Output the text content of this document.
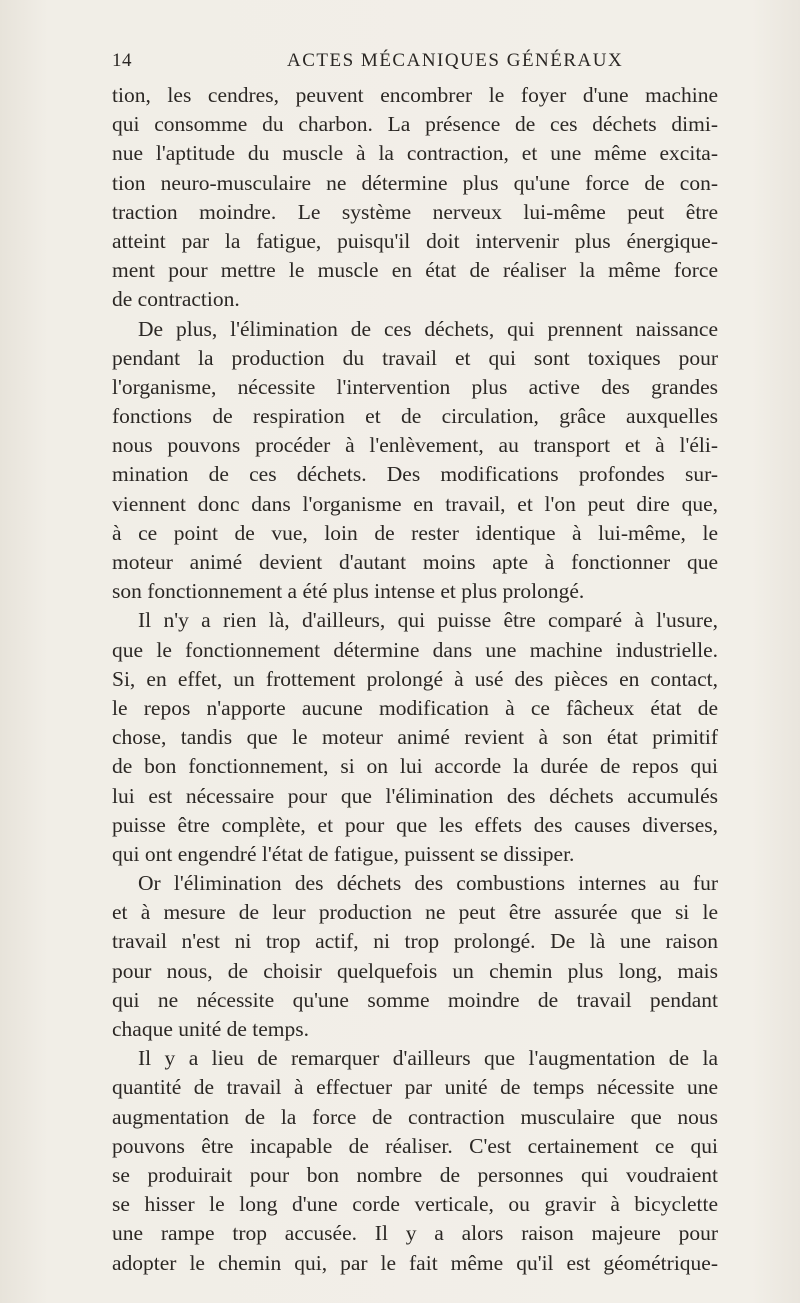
14	ACTES MÉCANIQUES GÉNÉRAUX
tion, les cendres, peuvent encombrer le foyer d'une machine
qui consomme du charbon. La présence de ces déchets dimi-
nue l'aptitude du muscle à la contraction, et une même excita-
tion neuro-musculaire ne détermine plus qu'une force de con-
traction moindre. Le système nerveux lui-même peut être
atteint par la fatigue, puisqu'il doit intervenir plus énergique-
ment pour mettre le muscle en état de réaliser la même force
de contraction.
De plus, l'élimination de ces déchets, qui prennent naissance
pendant la production du travail et qui sont toxiques pour
l'organisme, nécessite l'intervention plus active des grandes
fonctions de respiration et de circulation, grâce auxquelles
nous pouvons procéder à l'enlèvement, au transport et à l'éli-
mination de ces déchets. Des modifications profondes sur-
viennent donc dans l'organisme en travail, et l'on peut dire que,
à ce point de vue, loin de rester identique à lui-même, le
moteur animé devient d'autant moins apte à fonctionner que
son fonctionnement a été plus intense et plus prolongé.
Il n'y a rien là, d'ailleurs, qui puisse être comparé à l'usure,
que le fonctionnement détermine dans une machine industrielle.
Si, en effet, un frottement prolongé à usé des pièces en contact,
le repos n'apporte aucune modification à ce fâcheux état de
chose, tandis que le moteur animé revient à son état primitif
de bon fonctionnement, si on lui accorde la durée de repos qui
lui est nécessaire pour que l'élimination des déchets accumulés
puisse être complète, et pour que les effets des causes diverses,
qui ont engendré l'état de fatigue, puissent se dissiper.
Or l'élimination des déchets des combustions internes au fur
et à mesure de leur production ne peut être assurée que si le
travail n'est ni trop actif, ni trop prolongé. De là une raison
pour nous, de choisir quelquefois un chemin plus long, mais
qui ne nécessite qu'une somme moindre de travail pendant
chaque unité de temps.
Il y a lieu de remarquer d'ailleurs que l'augmentation de la
quantité de travail à effectuer par unité de temps nécessite une
augmentation de la force de contraction musculaire que nous
pouvons être incapable de réaliser. C'est certainement ce qui
se produirait pour bon nombre de personnes qui voudraient
se hisser le long d'une corde verticale, ou gravir à bicyclette
une rampe trop accusée. Il y a alors raison majeure pour
adopter le chemin qui, par le fait même qu'il est géométrique-
